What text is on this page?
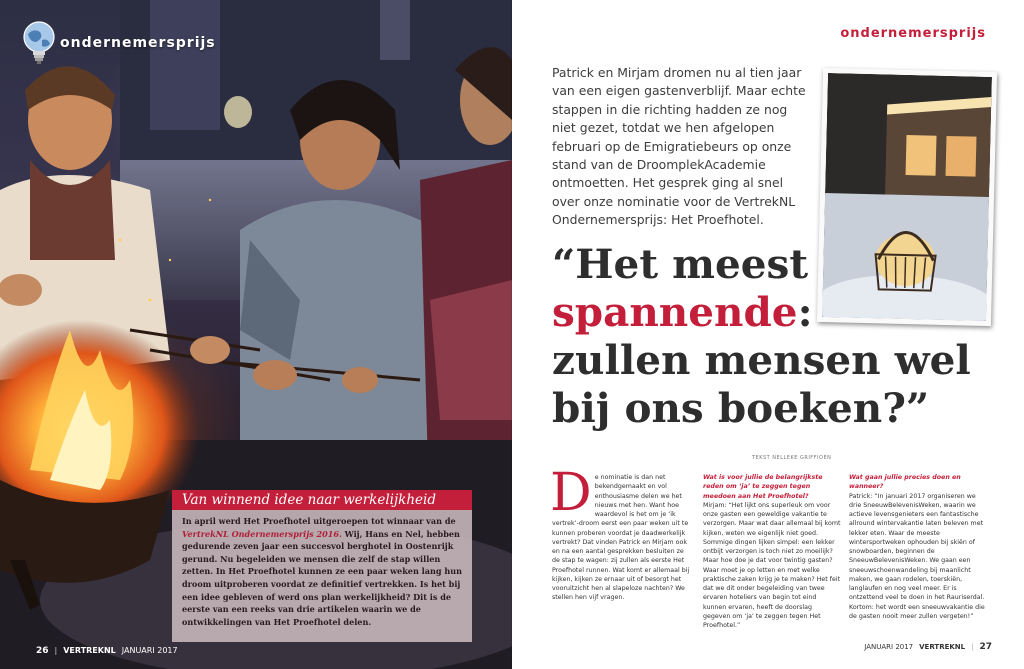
ondernemersprijs
Van winnend idee naar werkelijkheid
In april werd Het Proefhotel uitgeroepen tot winnaar van de VertrekNL Ondernemersprijs 2016. Wij, Hans en Nel, hebben gedurende zeven jaar een succesvol berghotel in Oostenrijk gerund. Nu begeleiden we mensen die zelf de stap willen zetten. In Het Proefhotel kunnen ze een paar weken lang hun droom uitproberen voordat ze definitief vertrekken. Is het bij een idee gebleven of werd ons plan werkelijkheid? Dit is de eerste van een reeks van drie artikelen waarin we de ontwikkelingen van Het Proefhotel delen.
26 | VERTREKNL JANUARI 2017
ondernemersprijs

Patrick en Mirjam dromen nu al tien jaar van een eigen gastenverblijf. Maar echte stappen in die richting hadden ze nog niet gezet, totdat we hen afgelopen februari op de Emigratiebeurs op onze stand van de DroomplekAcademie ontmoetten. Het gesprek ging al snel over onze nominatie voor de VertrekNL Ondernemersprijs: Het Proefhotel.

“Het meest
spannende:
zullen mensen wel bij ons boeken?”
TEKST NELLEKE GRIFFIOEN
D e nominatie is dan net bekendgemaakt en vol enthousiasme delen we het nieuws met hen. Want hoe waardevol is het om je ‘ik vertrek’-droom eerst een paar weken uit te kunnen proberen voordat je daadwerkelijk vertrekt? Dat vinden Patrick en Mirjam ook en na een aantal gesprekken besluiten ze de stap te wagen: zij zullen als eerste Het Proefhotel runnen. Wat komt er allemaal bij kijken, kijken ze ernaar uit of besorgt het vooruitzicht hen al slapeloze nachten? We stellen hen vijf vragen.
Wat is voor jullie de belangrijkste reden om ‘ja’ te zeggen tegen meedoen aan Het Proefhotel?
Mirjam: “Het lijkt ons superleuk om voor onze gasten een geweldige vakantie te verzorgen. Maar wat daar allemaal bij komt kijken, weten we eigenlijk niet goed. Sommige dingen lijken simpel: een lekker ontbijt verzorgen is toch niet zo moeilijk? Maar hoe doe je dat voor twintig gasten? Waar moet je op letten en met welke praktische zaken krijg je te maken? Het feit dat we dit onder begeleiding van twee ervaren hoteliers van begin tot eind kunnen ervaren, heeft de doorslag gegeven om ‘ja’ te zeggen tegen Het Proefhotel.”
Wat gaan jullie precies doen en wanneer?
Patrick: “In januari 2017 organiseren we drie SneeuwBelevenisWeken, waarin we actieve levensgenieters een fantastische allround wintervakantie laten beleven met lekker eten. Waar de meeste wintersportweken ophouden bij skiën of snowboarden, beginnen de SneeuwBelevenisWeken. We gaan een sneeuwschoenwandeling bij maanlicht maken, we gaan rodelen, toerskiën, langlaufen en nog veel meer. Er is ontzettend veel te doen in het Rauriserdal. Kortom: het wordt een sneeuwvakantie die de gasten nooit meer zullen vergeten!”
JANUARI 2017 VERTREKNL | 27
